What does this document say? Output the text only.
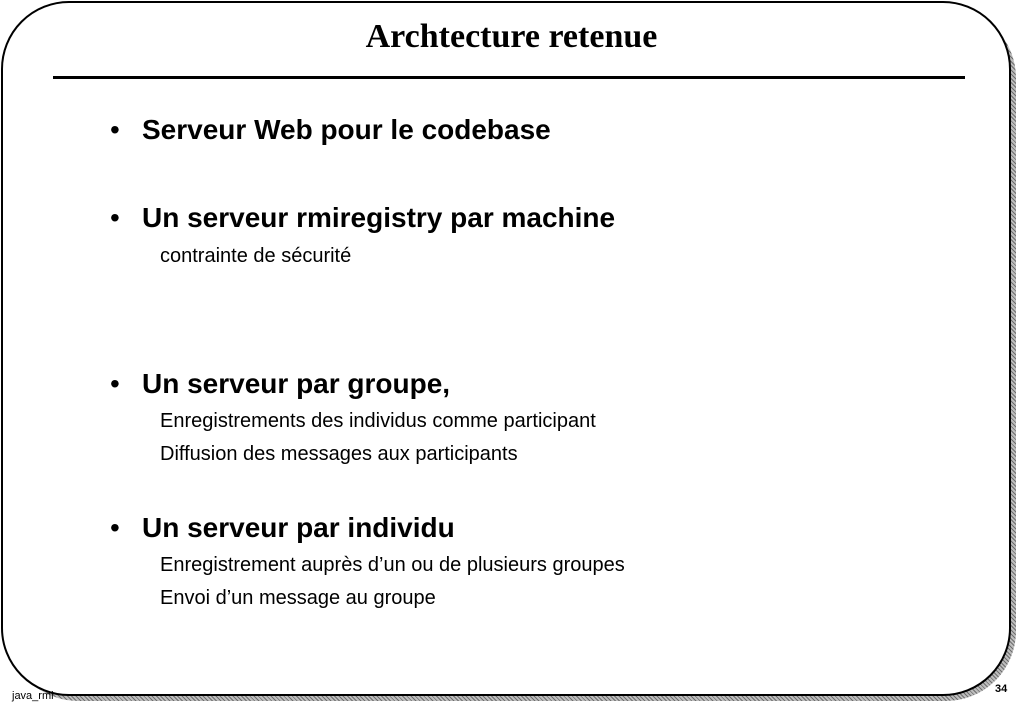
Archtecture retenue
• Serveur Web pour le codebase
• Un serveur rmiregistry par machine
contrainte de sécurité
• Un serveur par groupe,
Enregistrements des individus comme participant
Diffusion des messages aux participants
• Un serveur par individu
Enregistrement auprès d’un ou de plusieurs groupes
Envoi d’un message au groupe
java_rmi
34
